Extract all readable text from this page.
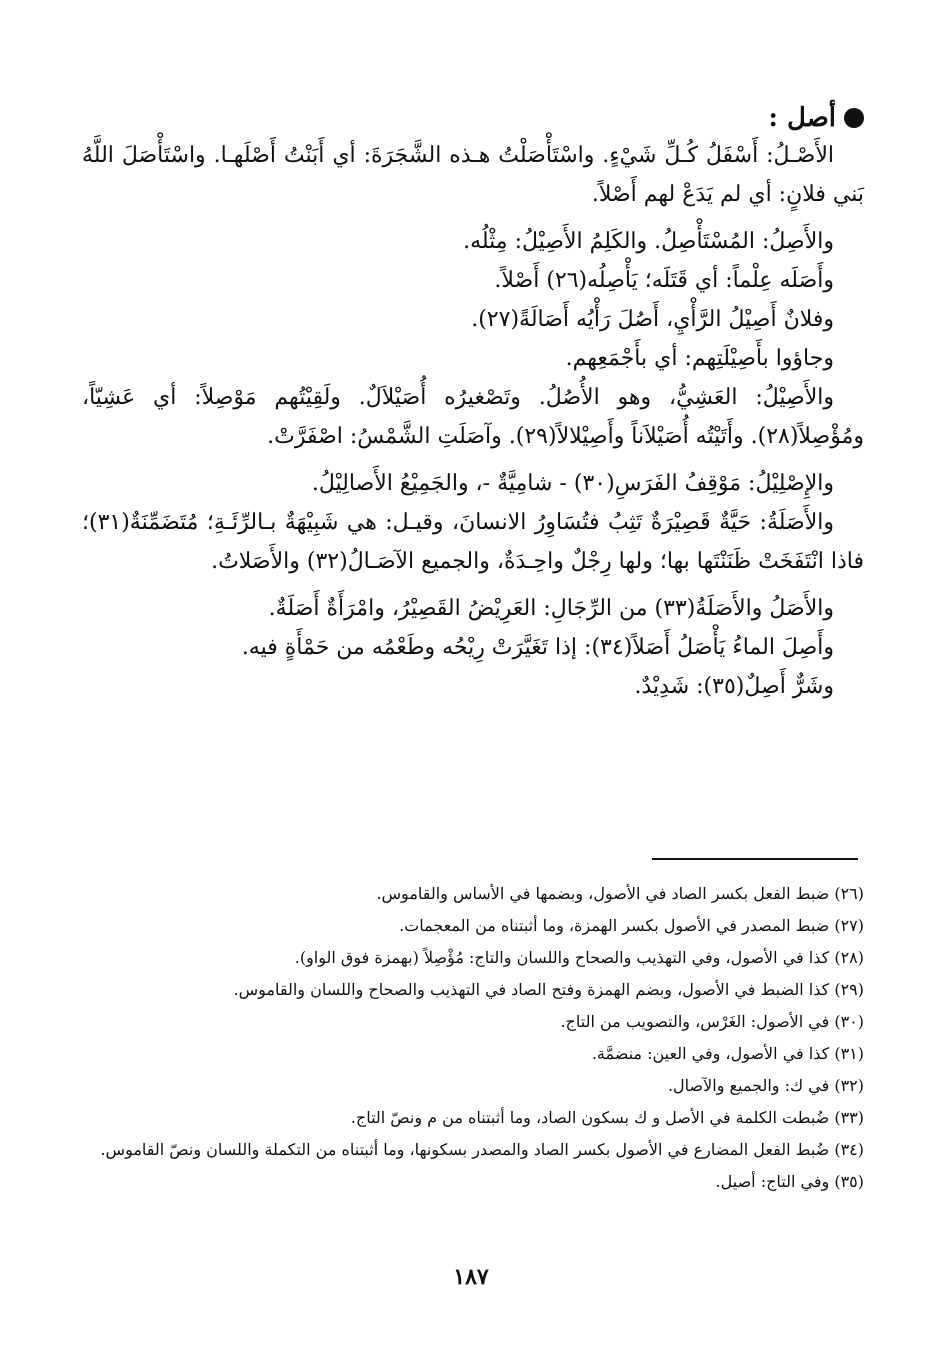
أصل :

الأَصْـلُ: أَسْفَلُ كُـلِّ شَيْءٍ. واسْتَأْصَلْتُ هـذه الشَّجَرَةَ: أي أَبَنْتُ أَصْلَهـا. واسْتَأْصَلَ اللَّهُ بَني فلانٍ: أي لم يَدَعْ لهم أَصْلاً.

والأَصِلُ: المُسْتَأْصِلُ. والكَلِمُ الأَصِيْلُ: مِثْلُه.

وأَصَلَه عِلْماً: أي قَتَلَه؛ يَأْصِلُه(٢٦) أَصْلاً.

وفلانٌ أَصِيْلُ الرَّأْيِ، أَصُلَ رَأْيُه أَصَالَةً(٢٧).

وجاؤوا بأَصِيْلَتِهم: أي بأَجْمَعِهم.

والأَصِيْلُ: العَشِيُّ، وهو الأُصُلُ. وتَصْغيرُه أُصَيْلاَلٌ. ولَقِيْتُهم مَوْصِلاً: أي عَشِيّاً، ومُؤْصِلاً(٢٨). وأَتَيْتُه أُصَيْلاَناً وأَصِيْلالاً(٢٩). وآصَلَتِ الشَّمْسُ: اصْفَرَّتْ.

والإِصْلِيْلُ: مَوْقِفُ الفَرَسِ(٣٠) - شامِيَّةٌ -، والجَمِيْعُ الأَصالِيْلُ.

والأَصَلَةُ: حَيَّةٌ قَصِيْرَةٌ تَثِبُ فتُسَاوِرُ الانسانَ، وقيـل: هي شَبِيْهَةٌ بـالرِّئَـةِ؛ مُتَضَمِّنَةٌ(٣١)؛ فاذا انْتَفَخَتْ ظَنَنْتَها بها؛ ولها رِجْلٌ واحِـدَةٌ، والجميع الآصَـالُ(٣٢) والأَصَلاتُ.

والأَصَلُ والأَصَلَةُ(٣٣) من الرِّجَالِ: العَرِيْضُ القَصِيْرُ، وامْرَأَةٌ أَصَلَةٌ.

وأَصِلَ الماءُ يَأْصَلُ أَصَلاً(٣٤): إذا تَغَيَّرَتْ رِيْحُه وطَعْمُه من حَمْأَةٍ فيه.

وشَرٌّ أَصِلٌ(٣٥): شَدِيْدٌ.

(٢٦) ضبط الفعل بكسر الصاد في الأصول، وبضمها في الأساس والقاموس.

(٢٧) ضبط المصدر في الأصول بكسر الهمزة، وما أثبتناه من المعجمات.

(٢٨) كذا في الأصول، وفي التهذيب والصحاح واللسان والتاج: مُؤْصِلاً (بهمزة فوق الواو).

(٢٩) كذا الضبط في الأصول، وبضم الهمزة وفتح الصاد في التهذيب والصحاح واللسان والقاموس.

(٣٠) في الأصول: الغَرْس، والتصويب من التاج.

(٣١) كذا في الأصول، وفي العين: منضمَّة.

(٣٢) في ك: والجميع والآصال.

(٣٣) ضُبطت الكلمة في الأصل و ك بسكون الصاد، وما أثبتناه من م ونصّ التاج.

(٣٤) ضُبط الفعل المضارع في الأصول بكسر الصاد والمصدر بسكونها، وما أثبتناه من التكملة واللسان ونصّ القاموس.

(٣٥) وفي التاج: أصيل.

١٨٧
